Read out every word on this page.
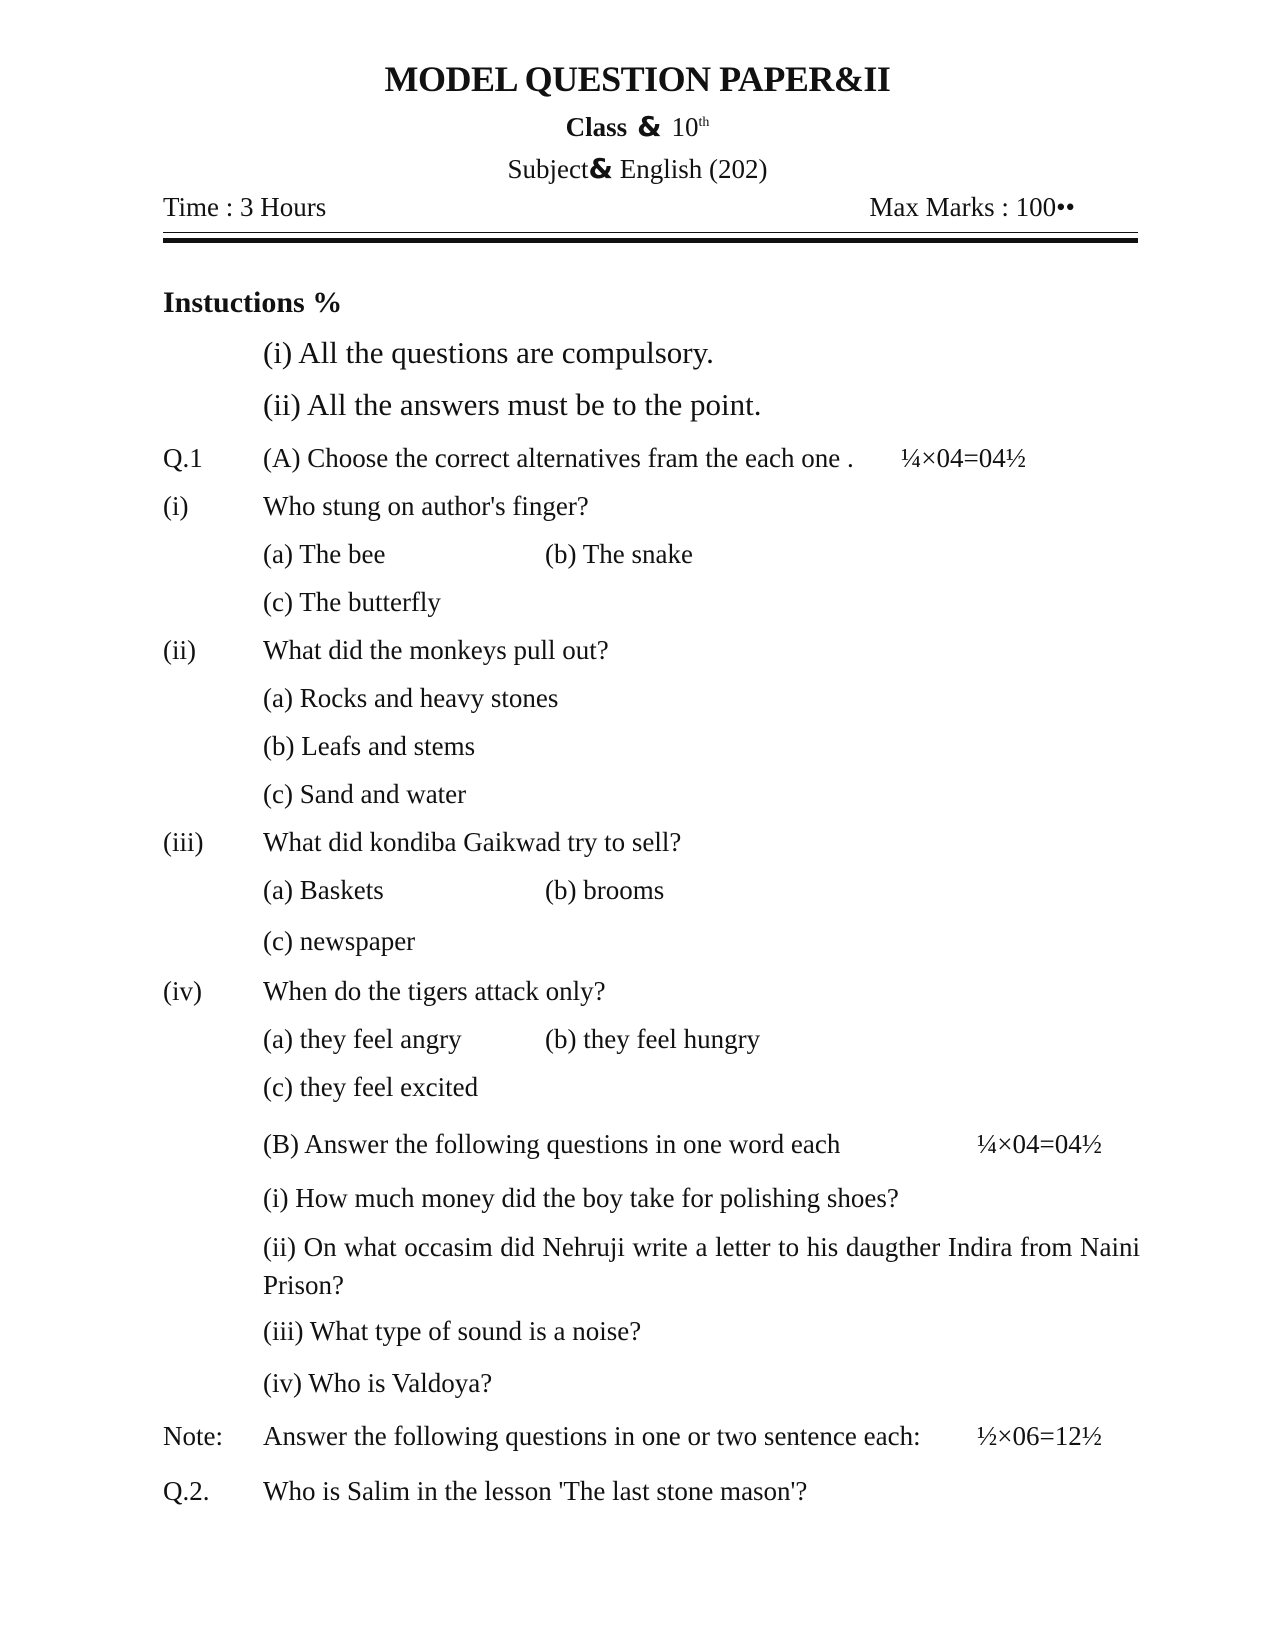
MODEL QUESTION PAPER&II
Class & 10th
Subject& English (202)
Time : 3 Hours	Max Marks : 100••
Instuctions %
(i) All the questions are compulsory.
(ii) All the answers must be to the point.
Q.1 (A) Choose the correct alternatives fram the each one . ¼×04=04½
(i)	Who stung on author's finger?
(a) The bee	(b) The snake
(c) The butterfly
(ii) What did the monkeys pull out?
(a) Rocks and heavy stones
(b) Leafs and stems
(c) Sand and water
(iii) What did kondiba Gaikwad try to sell?
(a) Baskets	(b) brooms
(c) newspaper
(iv) When do the tigers attack only?
(a) they feel angry	(b) they feel hungry
(c) they feel excited
(B) Answer the following questions in one word each	¼×04=04½
(i) How much money did the boy take for polishing shoes?
(ii) On what occasim did Nehruji write a letter to his daugther Indira from Naini Prison?
(iii) What type of sound is a noise?
(iv) Who is Valdoya?
Note: Answer the following questions in one or two sentence each: ½×06=12½
Q.2. Who is Salim in the lesson 'The last stone mason'?
